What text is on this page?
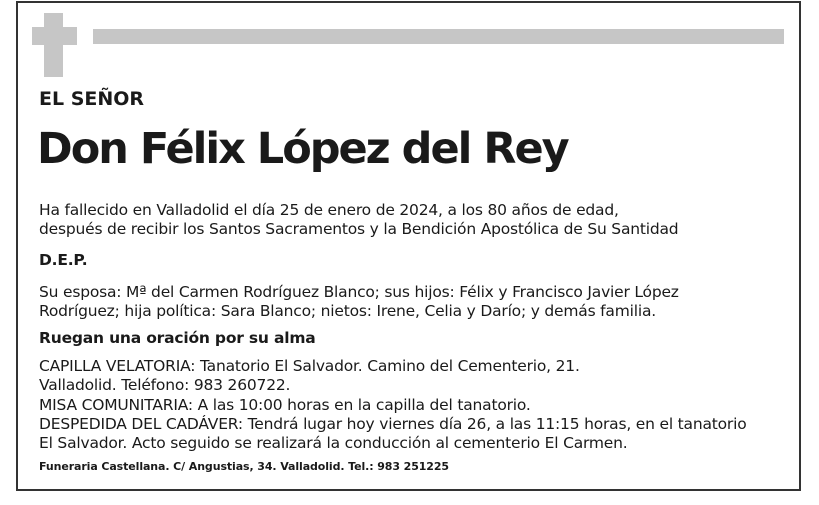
EL SEÑOR
Don Félix López del Rey
Ha fallecido en Valladolid el día 25 de enero de 2024, a los 80 años de edad,
después de recibir los Santos Sacramentos y la Bendición Apostólica de Su Santidad
D.E.P.
Su esposa: Mª del Carmen Rodríguez Blanco; sus hijos: Félix y Francisco Javier López
Rodríguez; hija política: Sara Blanco; nietos: Irene, Celia y Darío; y demás familia.
Ruegan una oración por su alma
CAPILLA VELATORIA: Tanatorio El Salvador. Camino del Cementerio, 21.
Valladolid. Teléfono: 983 260722.
MISA COMUNITARIA: A las 10:00 horas en la capilla del tanatorio.
DESPEDIDA DEL CADÁVER: Tendrá lugar hoy viernes día 26, a las 11:15 horas, en el tanatorio
El Salvador. Acto seguido se realizará la conducción al cementerio El Carmen.
Funeraria Castellana. C/ Angustias, 34. Valladolid. Tel.: 983 251225
